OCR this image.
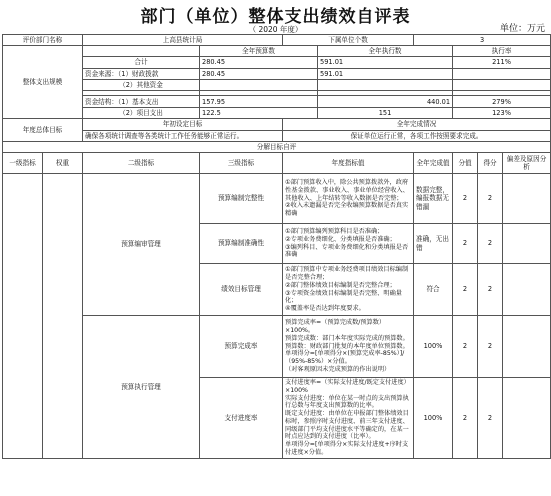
部门（单位）整体支出绩效自评表
（ 2020 年度）	单位：万元
评价部门名称		上高县统计局		下属单位个数		3			
整体支出规模			全年预算数		全年执行数		执行率		
		合计	280.45		591.01		211%		
		资金来源：（1）财政拨款	280.45		591.01				
		（2）其他资金							

		资金结构：（1）基本支出	157.95		440.01		279%		
		（2）项目支出	122.5		151		123%		
年度总体目标		年初设定目标		全年完成情况					
		确保各项统计调查等各类统计工作任务能够正常运行。		保证单位运行正常，各项工作按照要求完成。					
分解目标自评									
一级指标	权重	二级指标	三级指标	年度指标值		全年完成值	分值	得分	偏差及原因分析
		预算编审管理	预算编制完整性	①部门预算收入中，除公共预算拨款外，政府性基金拨款、事业收入、事业单位经营收入、其他收入、上年结转等收入数据是否完整；
②收入未遗漏是否完全收编预算数据是否真实精确		数据完整，编报数据无错漏	2	2	
			预算编制准确性	①部门预算编列预算科目是否准确；
②专项业务费细化、分类填报是否准确；
③编列科目、专项业务费细化和分类填报是否准确		准确，无出错	2	2	
			绩效目标管理	①部门预算中专项业务经费项目绩效目标编制是否完整合理；
②部门整体绩效目标编制是否完整合理；
③专项资金绩效目标编制是否完整、明确量化；
④覆盖率是否达到年度要求。		符合	2	2	
		预算执行管理	预算完成率	预算完成率=（预算完成数/预算数）×100%。
预算完成数：部门本年度实际完成的预算数。
预算数：财政部门批复的本年度单位预算数。
单项得分=[单项得分×(预算完成率-85%）]/（95%-85%）×分值。
（对客观原因未完成预算的作出说明）		100%	2	2	
			支付进度率	支付进度率=（实际支付进度/既定支付进度）×100%
实际支付进度：单位在某一时点的支出预算执行总数与年度支出预算数的比率。
既定支付进度：由单位在申报部门整体绩效目标时，参照序时支付进度、前三年支付进度、同级部门平均支付进度水平等确定的，在某一时点应达到的支付进度（比率）。
单项得分=[单项得分×实际支付进度+序时支付进度×分值。		100%	2	2	
